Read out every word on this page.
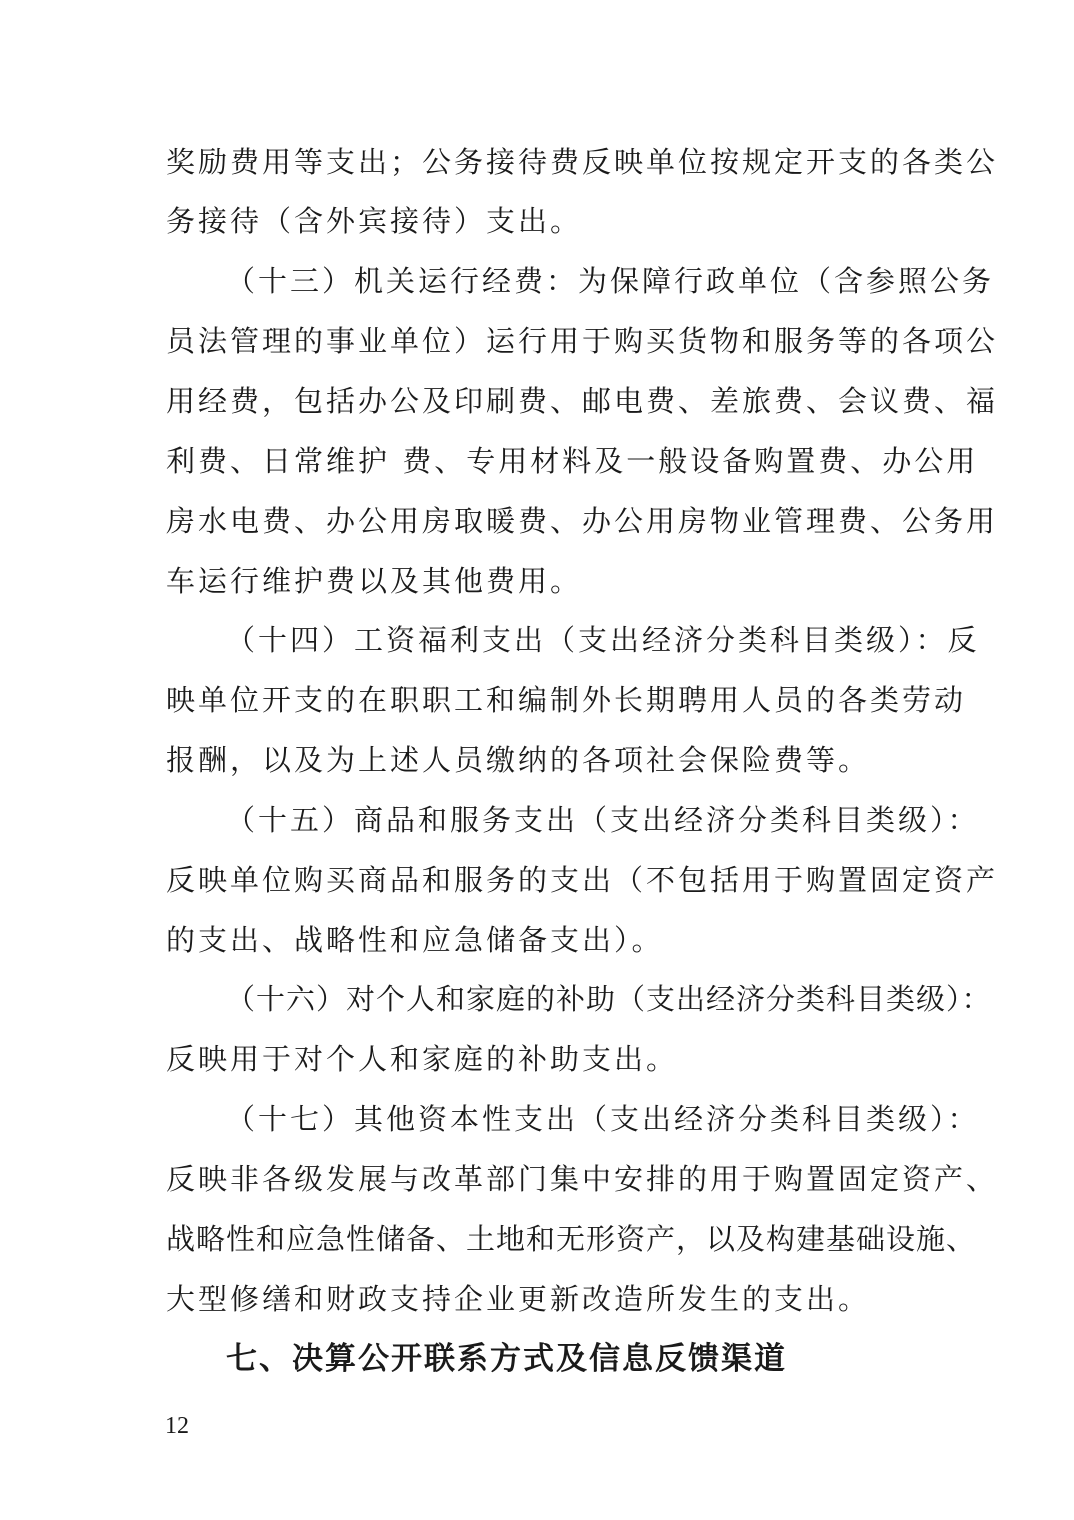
奖励费用等支出；公务接待费反映单位按规定开支的各类公
务接待（含外宾接待）支出。
（十三）机关运行经费：为保障行政单位（含参照公务
员法管理的事业单位）运行用于购买货物和服务等的各项公
用经费，包括办公及印刷费、邮电费、差旅费、会议费、福
利费、日常维护 费、专用材料及一般设备购置费、办公用
房水电费、办公用房取暖费、办公用房物业管理费、公务用
车运行维护费以及其他费用。
（十四）工资福利支出（支出经济分类科目类级）：反
映单位开支的在职职工和编制外长期聘用人员的各类劳动
报酬，以及为上述人员缴纳的各项社会保险费等。
（十五）商品和服务支出（支出经济分类科目类级）：
反映单位购买商品和服务的支出（不包括用于购置固定资产
的支出、战略性和应急储备支出）。
（十六）对个人和家庭的补助（支出经济分类科目类级）：
反映用于对个人和家庭的补助支出。
（十七）其他资本性支出（支出经济分类科目类级）：
反映非各级发展与改革部门集中安排的用于购置固定资产、
战略性和应急性储备、土地和无形资产，以及构建基础设施、
大型修缮和财政支持企业更新改造所发生的支出。
七、决算公开联系方式及信息反馈渠道
12
